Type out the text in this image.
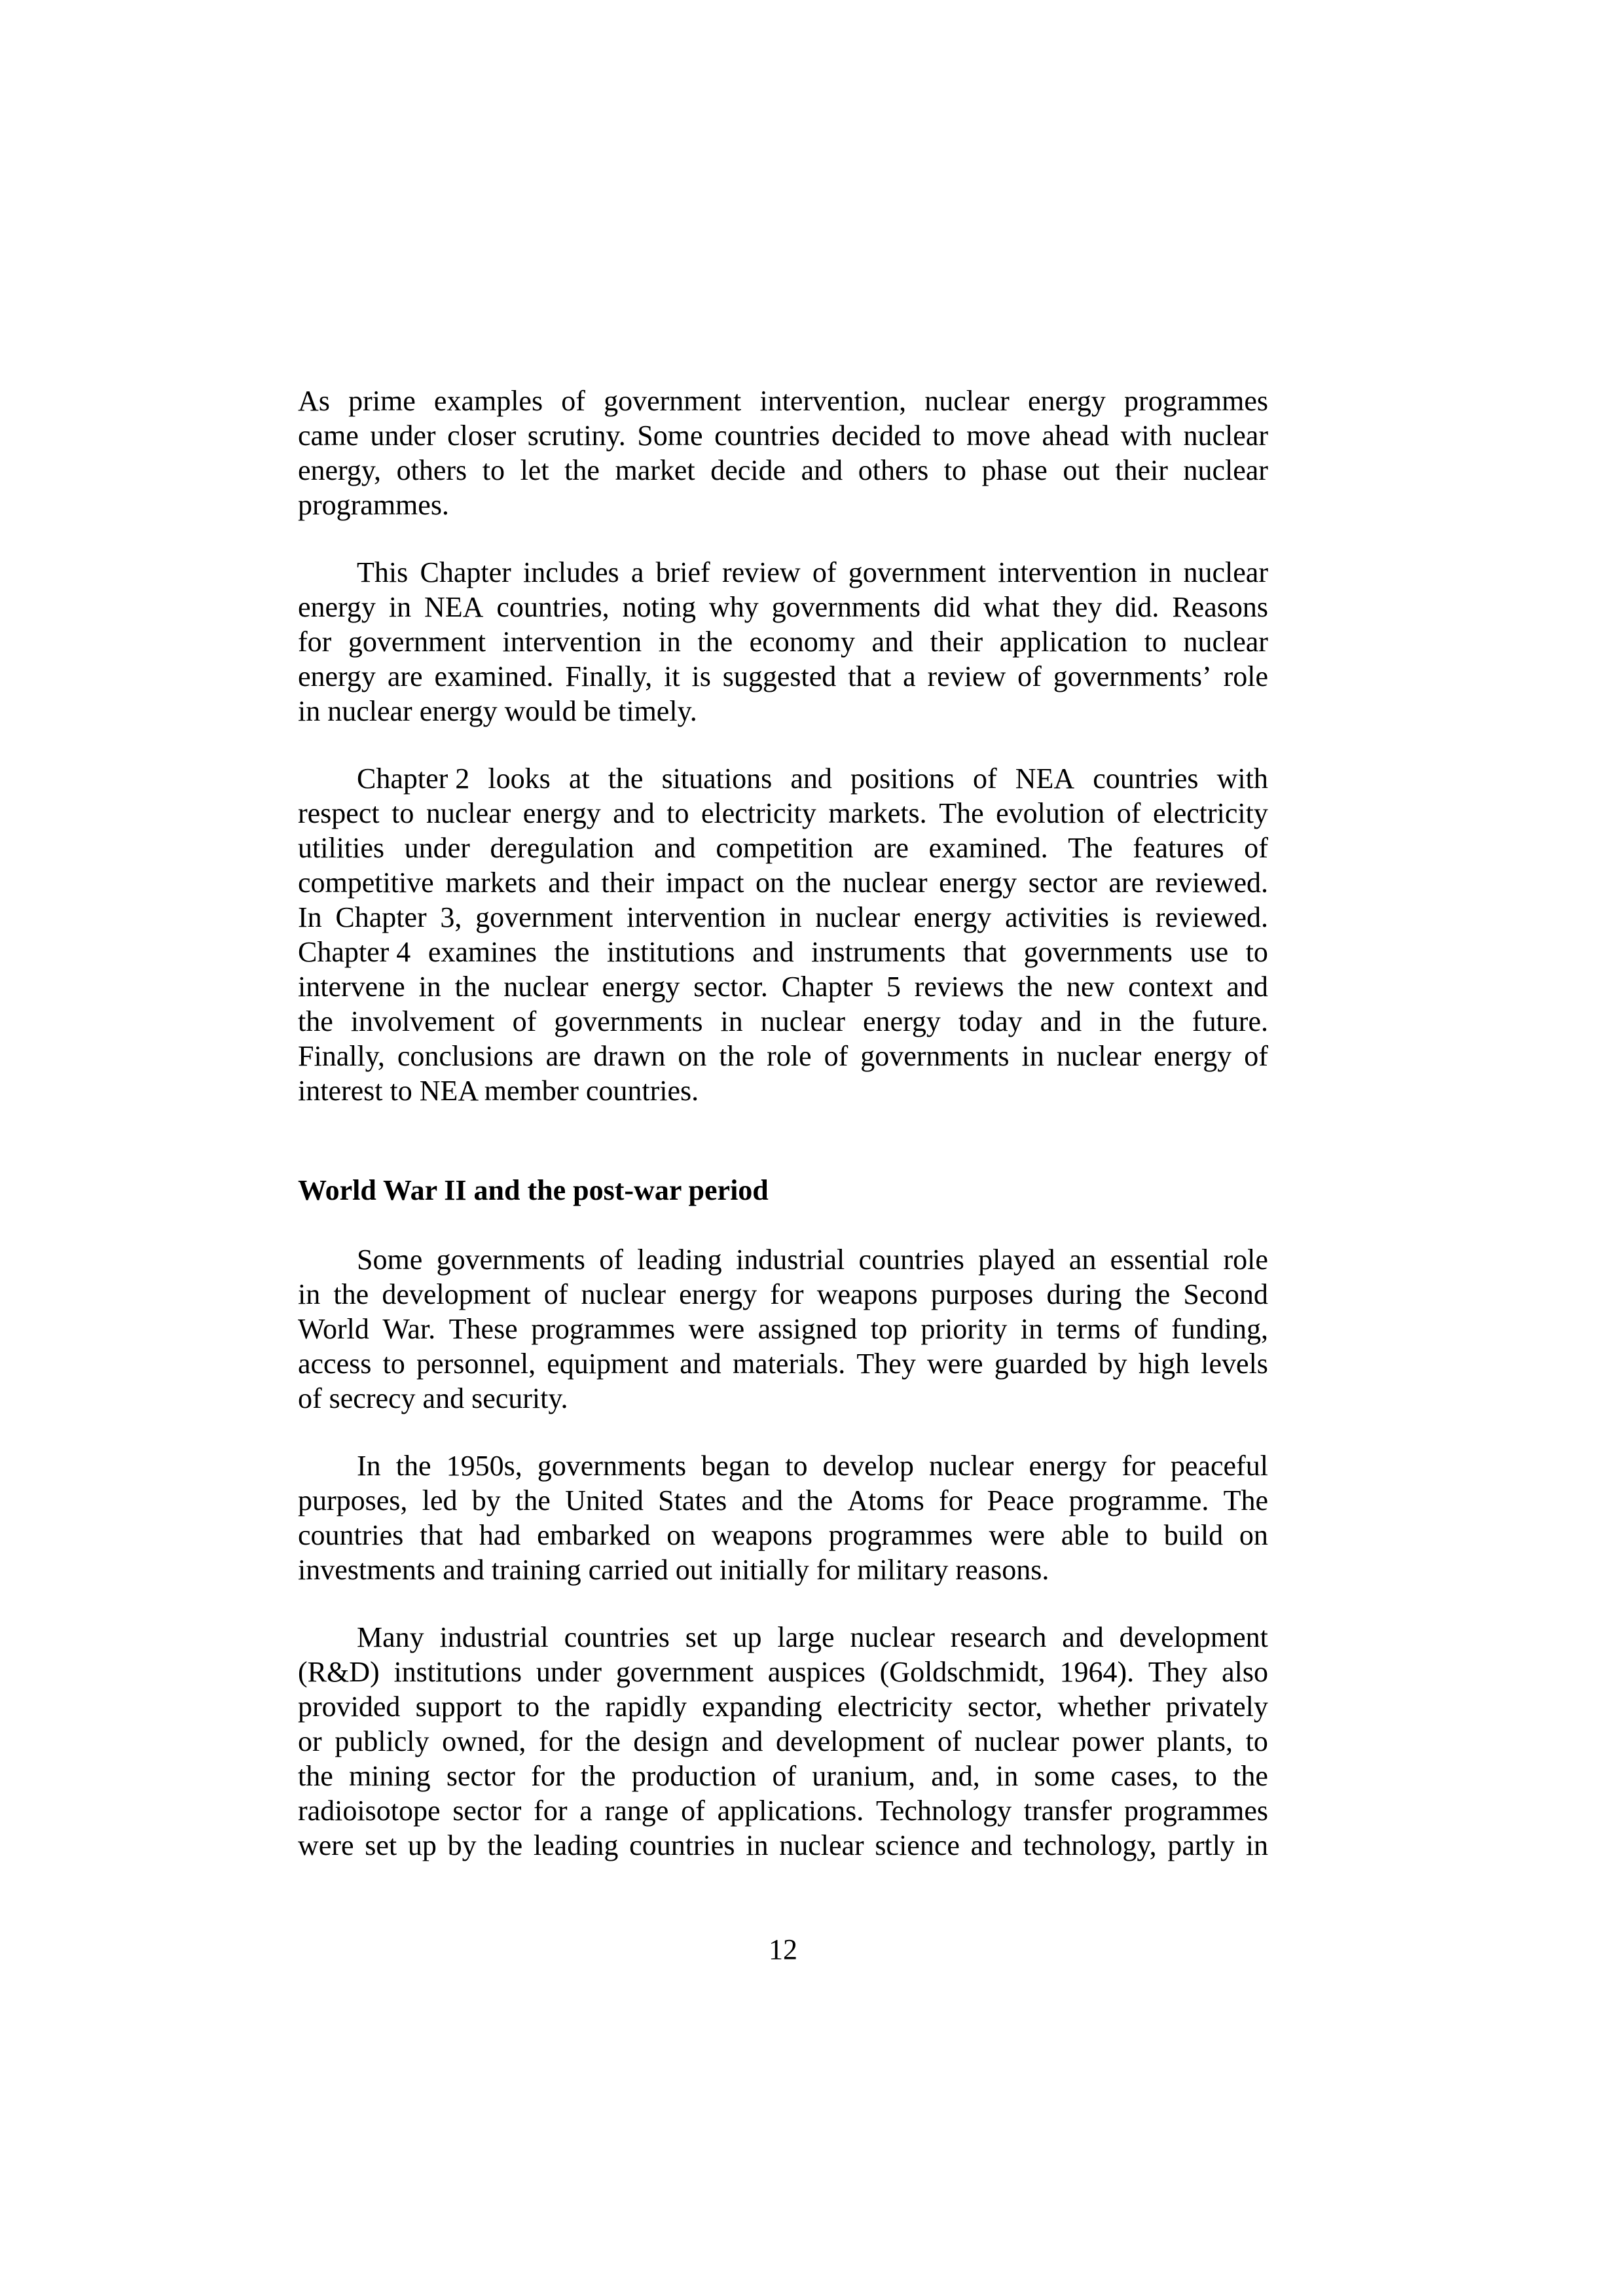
As prime examples of government intervention, nuclear energy programmes
came under closer scrutiny. Some countries decided to move ahead with nuclear
energy, others to let the market decide and others to phase out their nuclear
programmes.
This Chapter includes a brief review of government intervention in nuclear
energy in NEA countries, noting why governments did what they did. Reasons
for government intervention in the economy and their application to nuclear
energy are examined. Finally, it is suggested that a review of governments’ role
in nuclear energy would be timely.
Chapter 2 looks at the situations and positions of NEA countries with
respect to nuclear energy and to electricity markets. The evolution of electricity
utilities under deregulation and competition are examined. The features of
competitive markets and their impact on the nuclear energy sector are reviewed.
In Chapter 3, government intervention in nuclear energy activities is reviewed.
Chapter 4 examines the institutions and instruments that governments use to
intervene in the nuclear energy sector. Chapter 5 reviews the new context and
the involvement of governments in nuclear energy today and in the future.
Finally, conclusions are drawn on the role of governments in nuclear energy of
interest to NEA member countries.
World War II and the post-war period
Some governments of leading industrial countries played an essential role
in the development of nuclear energy for weapons purposes during the Second
World War. These programmes were assigned top priority in terms of funding,
access to personnel, equipment and materials. They were guarded by high levels
of secrecy and security.
In the 1950s, governments began to develop nuclear energy for peaceful
purposes, led by the United States and the Atoms for Peace programme. The
countries that had embarked on weapons programmes were able to build on
investments and training carried out initially for military reasons.
Many industrial countries set up large nuclear research and development
(R&D) institutions under government auspices (Goldschmidt, 1964). They also
provided support to the rapidly expanding electricity sector, whether privately
or publicly owned, for the design and development of nuclear power plants, to
the mining sector for the production of uranium, and, in some cases, to the
radioisotope sector for a range of applications. Technology transfer programmes
were set up by the leading countries in nuclear science and technology, partly in
12
